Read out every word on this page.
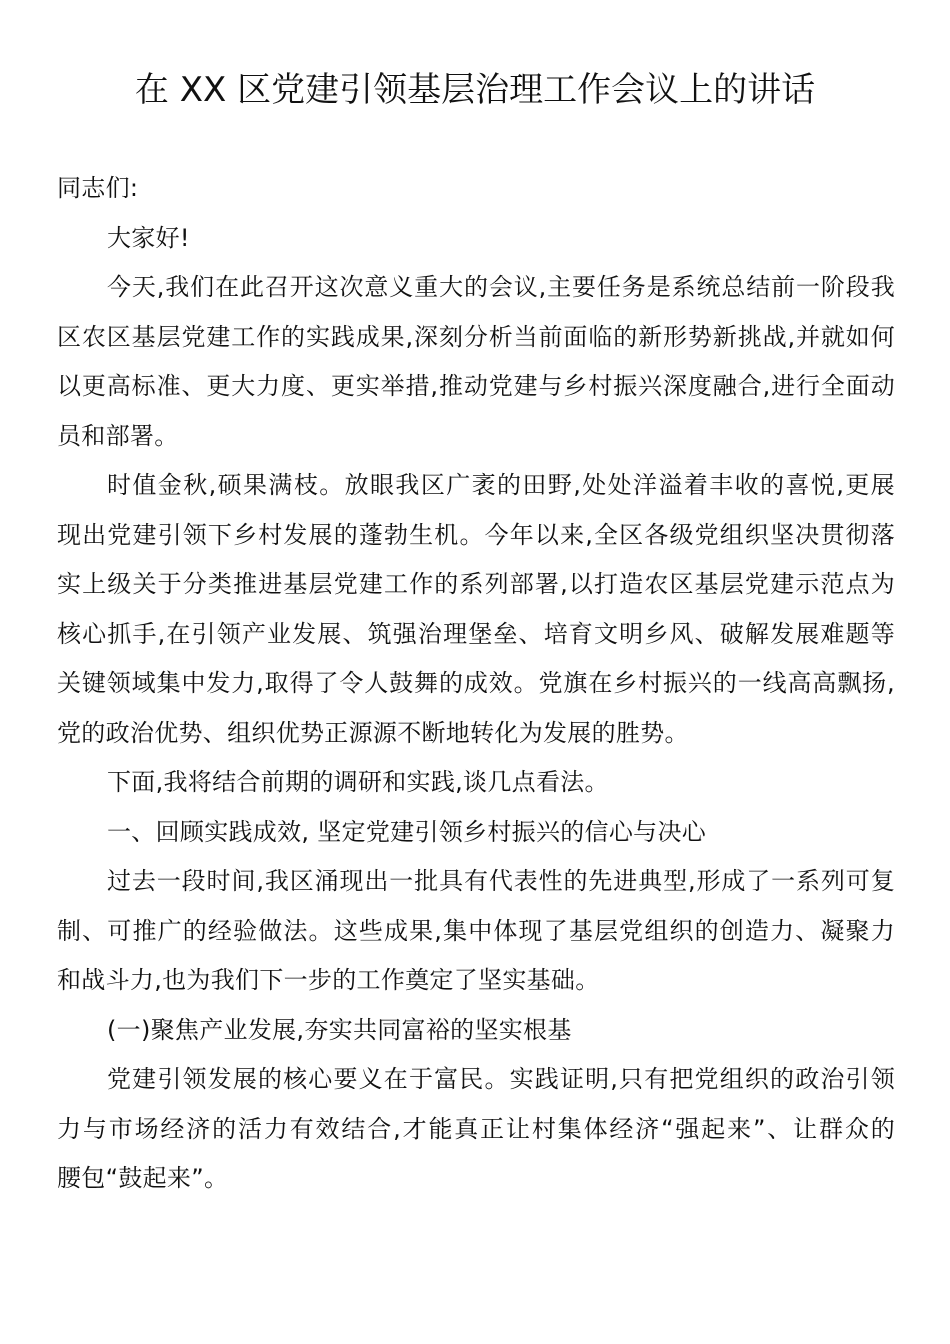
在 XX 区党建引领基层治理工作会议上的讲话
同志们:
大家好!
今天,我们在此召开这次意义重大的会议,主要任务是系统总结前一阶段我
区农区基层党建工作的实践成果,深刻分析当前面临的新形势新挑战,并就如何
以更高标准、更大力度、更实举措,推动党建与乡村振兴深度融合,进行全面动
员和部署。
时值金秋,硕果满枝。放眼我区广袤的田野,处处洋溢着丰收的喜悦,更展
现出党建引领下乡村发展的蓬勃生机。今年以来,全区各级党组织坚决贯彻落
实上级关于分类推进基层党建工作的系列部署,以打造农区基层党建示范点为
核心抓手,在引领产业发展、筑强治理堡垒、培育文明乡风、破解发展难题等
关键领域集中发力,取得了令人鼓舞的成效。党旗在乡村振兴的一线高高飘扬,
党的政治优势、组织优势正源源不断地转化为发展的胜势。
下面,我将结合前期的调研和实践,谈几点看法。
一、回顾实践成效, 坚定党建引领乡村振兴的信心与决心
过去一段时间,我区涌现出一批具有代表性的先进典型,形成了一系列可复
制、可推广的经验做法。这些成果,集中体现了基层党组织的创造力、凝聚力
和战斗力,也为我们下一步的工作奠定了坚实基础。
(一)聚焦产业发展,夯实共同富裕的坚实根基
党建引领发展的核心要义在于富民。实践证明,只有把党组织的政治引领
力与市场经济的活力有效结合,才能真正让村集体经济“强起来”、让群众的
腰包“鼓起来”。
